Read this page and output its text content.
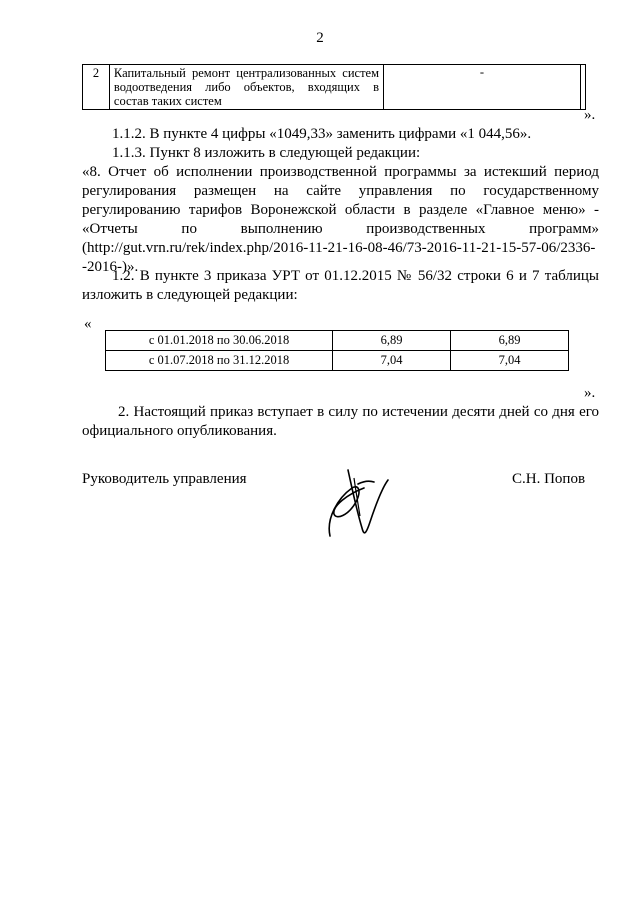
2
2	Капитальный ремонт централизованных систем
водоотведения либо объектов, входящих в
состав таких систем
	-	
».
1.1.2. В пункте 4 цифры «1049,33» заменить цифрами «1 044,56».
1.1.3. Пункт 8 изложить в следующей редакции:
«8. Отчет об исполнении производственной программы за истекший период
регулирования размещен на сайте управления по государственному
регулированию тарифов Воронежской области в разделе «Главное меню» -
«Отчеты по выполнению производственных программ»
(http://gut.vrn.ru/rek/index.php/2016-11-21-16-08-46/73-2016-11-21-15-57-06/2336-
-2016-)».
1.2. В пункте 3 приказа УРТ от 01.12.2015 № 56/32 строки 6 и 7 таблицы
изложить в следующей редакции:
«
с 01.01.2018 по 30.06.2018	6,89	6,89
с 01.07.2018 по 31.12.2018	7,04	7,04
».
2. Настоящий приказ вступает в силу по истечении десяти дней со дня его
официального опубликования.
Руководитель управления	С.Н. Попов
